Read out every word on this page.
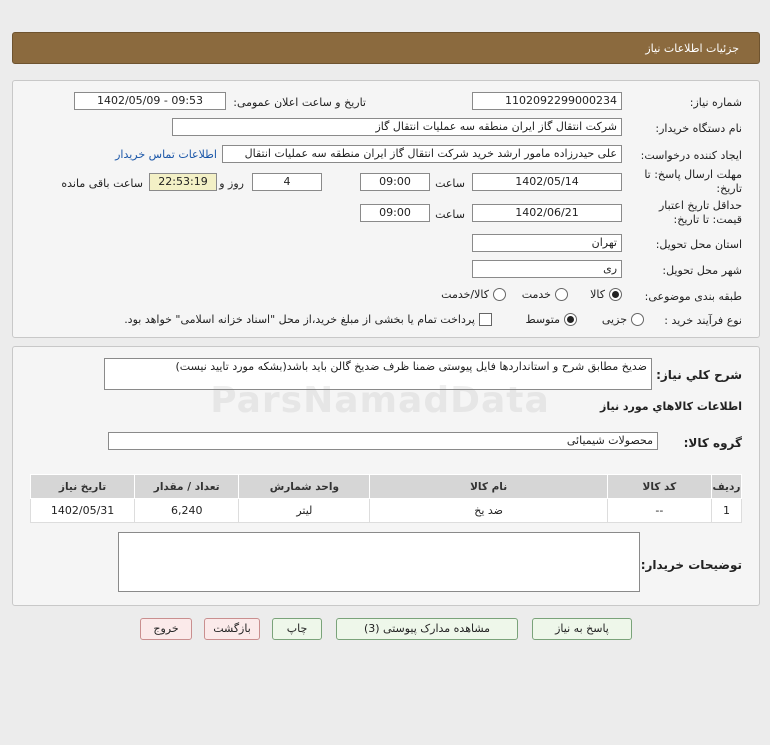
جزئیات اطلاعات نیاز
شماره نیاز:
1102092299000234
تاریخ و ساعت اعلان عمومی:
1402/05/09 - 09:53
نام دستگاه خریدار:
شرکت انتقال گاز ایران منطقه سه عملیات انتقال گاز
ایجاد کننده درخواست:
علی حیدرزاده مامور ارشد خرید شرکت انتقال گاز ایران منطقه سه عملیات انتقال
اطلاعات تماس خریدار
مهلت ارسال پاسخ: تا تاریخ:
1402/05/14
ساعت
09:00
4
روز و
22:53:19
ساعت باقی مانده
حداقل تاریخ اعتبار قیمت: تا تاریخ:
1402/06/21
ساعت
09:00
استان محل تحویل:
تهران
شهر محل تحویل:
ری
طبقه بندی موضوعی:
کالا
خدمت
کالا/خدمت
نوع فرآیند خرید :
جزیی
متوسط
پرداخت تمام یا بخشی از مبلغ خرید،از محل "اسناد خزانه اسلامی" خواهد بود.
شرح کلي نياز:
ضدیخ مطابق شرح و استانداردها فایل پیوستی ضمنا ظرف ضدیخ گالن باید باشد(بشکه مورد تایید نیست)
اطلاعات کالاهاي مورد نياز
گروه کالا:
محصولات شیمیائی
ردیف	کد کالا	نام کالا	واحد شمارش	تعداد / مقدار	تاریخ نیاز
1	--	ضد یخ	لیتر	6,240	1402/05/31
توضیحات خریدار:
پاسخ به نیاز
مشاهده مدارک پیوستی (3)
چاپ
بازگشت
خروج
